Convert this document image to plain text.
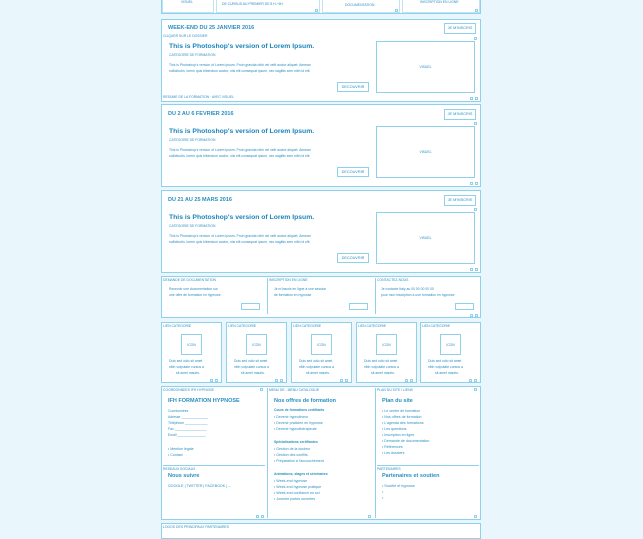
VISUEL	DE CURSUS AU PREMIER DE 8 H / 6H	DOCUMENTATION
INSCRIPTION EN LIGNE
WEEK-END DU 25 JANVIER 2016	JE M'INSCRIS
CLIQUER SUR LE DOSSIER
This is Photoshop's version of Lorem Ipsum.
CATEGORIE DE FORMATION
This is Photoshop's version of Lorem Ipsum. Proin gravida nibh vel velit auctor aliquet. Aenean
sollicitudin, lorem quis bibendum auctor, nisi elit consequat ipsum, nec sagittis sem nibh id elit.
DECOUVRIR
VISUEL
RESUME DE LA FORMATION · AVEC VISUEL
DU 2 AU 6 FEVRIER 2016	JE M'INSCRIS
This is Photoshop's version of Lorem Ipsum.
CATEGORIE DE FORMATION
This is Photoshop's version of Lorem Ipsum. Proin gravida nibh vel velit auctor aliquet. Aenean
sollicitudin, lorem quis bibendum auctor, nisi elit consequat ipsum, nec sagittis sem nibh id elit.
DECOUVRIR
VISUEL
DU 21 AU 25 MARS 2016	JE M'INSCRIS
This is Photoshop's version of Lorem Ipsum.
CATEGORIE DE FORMATION
This is Photoshop's version of Lorem Ipsum. Proin gravida nibh vel velit auctor aliquet. Aenean
sollicitudin, lorem quis bibendum auctor, nisi elit consequat ipsum, nec sagittis sem nibh id elit.
DECOUVRIR
VISUEL
DEMANDE DE DOCUMENTATION
Recevoir une documentation sur
une offre de formation en hypnose
INSCRIPTION EN LIGNE
Je m'inscris en ligne à une session
de formation en hypnose
CONTACTEZ-NOUS
Je contacte Italy au 00 00 00 00 00
pour mon inscription à une formation en hypnose
LIEN CATEGORIE
ICON
Duis sed odio sit amet
nibh vulputate cursus a
sit amet mauris.
LIEN CATEGORIE
ICON
Duis sed odio sit amet
nibh vulputate cursus a
sit amet mauris.
LIEN CATEGORIE
ICON
Duis sed odio sit amet
nibh vulputate cursus a
sit amet mauris.
LIEN CATEGORIE
ICON
Duis sed odio sit amet
nibh vulputate cursus a
sit amet mauris.
LIEN CATEGORIE
ICON
Duis sed odio sit amet
nibh vulputate cursus a
sit amet mauris.
COORDONNEES IFH HYPNOSE
IFH FORMATION HYPNOSE
Coordonnées
Adresse ______________
Téléphone ____________
Fax _________________
Email _______________
• Mention légale
• Contact
RESEAUX SOCIAUX
Nous suivre
GOOGLE | TWITTER | FACEBOOK | ...
MENU DE - MENU CATALOGUE
Nos offres de formation
Cours de formations certifiants
• Devenir hypnotiseur
• Devenir praticien en hypnose
• Devenir hypnothérapeute
Spécialisations certifiantes
• Gestion de la douleur
• Gestion des conflits
• Préparation à l'accouchement
Animations, stages et séminaires
• Week-end hypnose
• Week-end hypnose pratique
• Week-end confiance en soi
• Journée portes ouvertes
PLAN DU SITE / LIENS
Plan du site
• Le centre de formation
• Nos offres de formation
• L'agenda des formations
• Les questions
• Inscription en ligne
• Demande de documentation
• Références
• Les dossiers
PARTENAIRES
Partenaires et soutien
• Société et hypnose
•
•
LOGOS DES PRINCIPAUX PARTENAIRES
